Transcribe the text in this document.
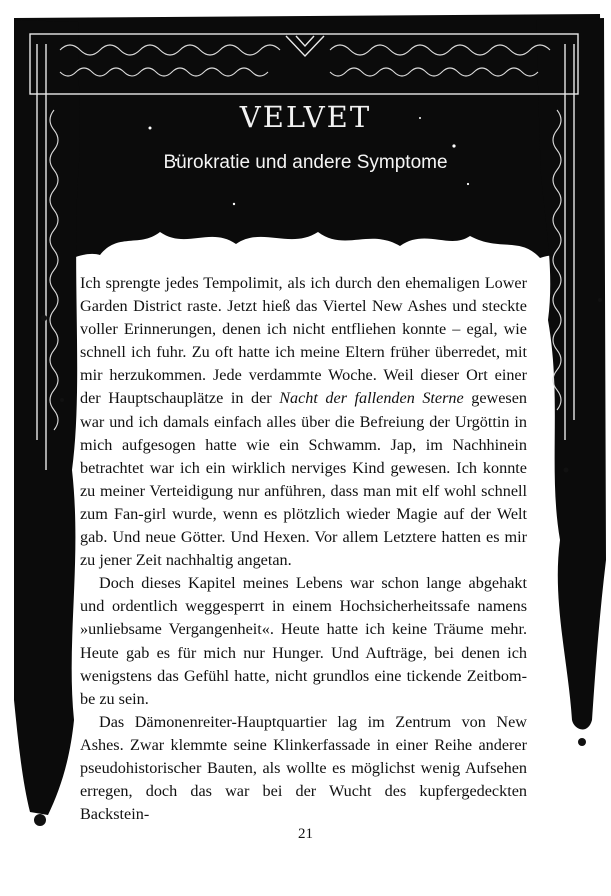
VELVET
Bürokratie und andere Symptome

Ich sprengte jedes Tempolimit, als ich durch den ehemaligen Lower Garden District raste. Jetzt hieß das Viertel New Ashes und steckte voller Erinnerungen, denen ich nicht entfliehen konnte – egal, wie schnell ich fuhr. Zu oft hatte ich meine Eltern früher überredet, mit mir herzukommen. Jede verdammte Woche. Weil dieser Ort einer der Hauptschauplätze in der Nacht der fallenden Sterne gewesen war und ich damals einfach alles über die Befreiung der Urgöttin in mich aufgesogen hatte wie ein Schwamm. Jap, im Nachhinein betrachtet war ich ein wirklich nerviges Kind gewesen. Ich konnte zu meiner Verteidigung nur anführen, dass man mit elf wohl schnell zum Fan-girl wurde, wenn es plötzlich wieder Magie auf der Welt gab. Und neue Götter. Und Hexen. Vor allem Letztere hatten es mir zu jener Zeit nachhaltig angetan.

Doch dieses Kapitel meines Lebens war schon lange abgehakt und ordentlich weggesperrt in einem Hochsicherheitssafe namens »unliebsame Vergangenheit«. Heute hatte ich keine Träume mehr. Heute gab es für mich nur Hunger. Und Aufträge, bei denen ich wenigstens das Gefühl hatte, nicht grundlos eine tickende Zeitbom-be zu sein.

Das Dämonenreiter-Hauptquartier lag im Zentrum von New Ashes. Zwar klemmte seine Klinkerfassade in einer Reihe anderer pseudohistorischer Bauten, als wollte es möglichst wenig Aufsehen erregen, doch das war bei der Wucht des kupfergedeckten Backstein-

21
